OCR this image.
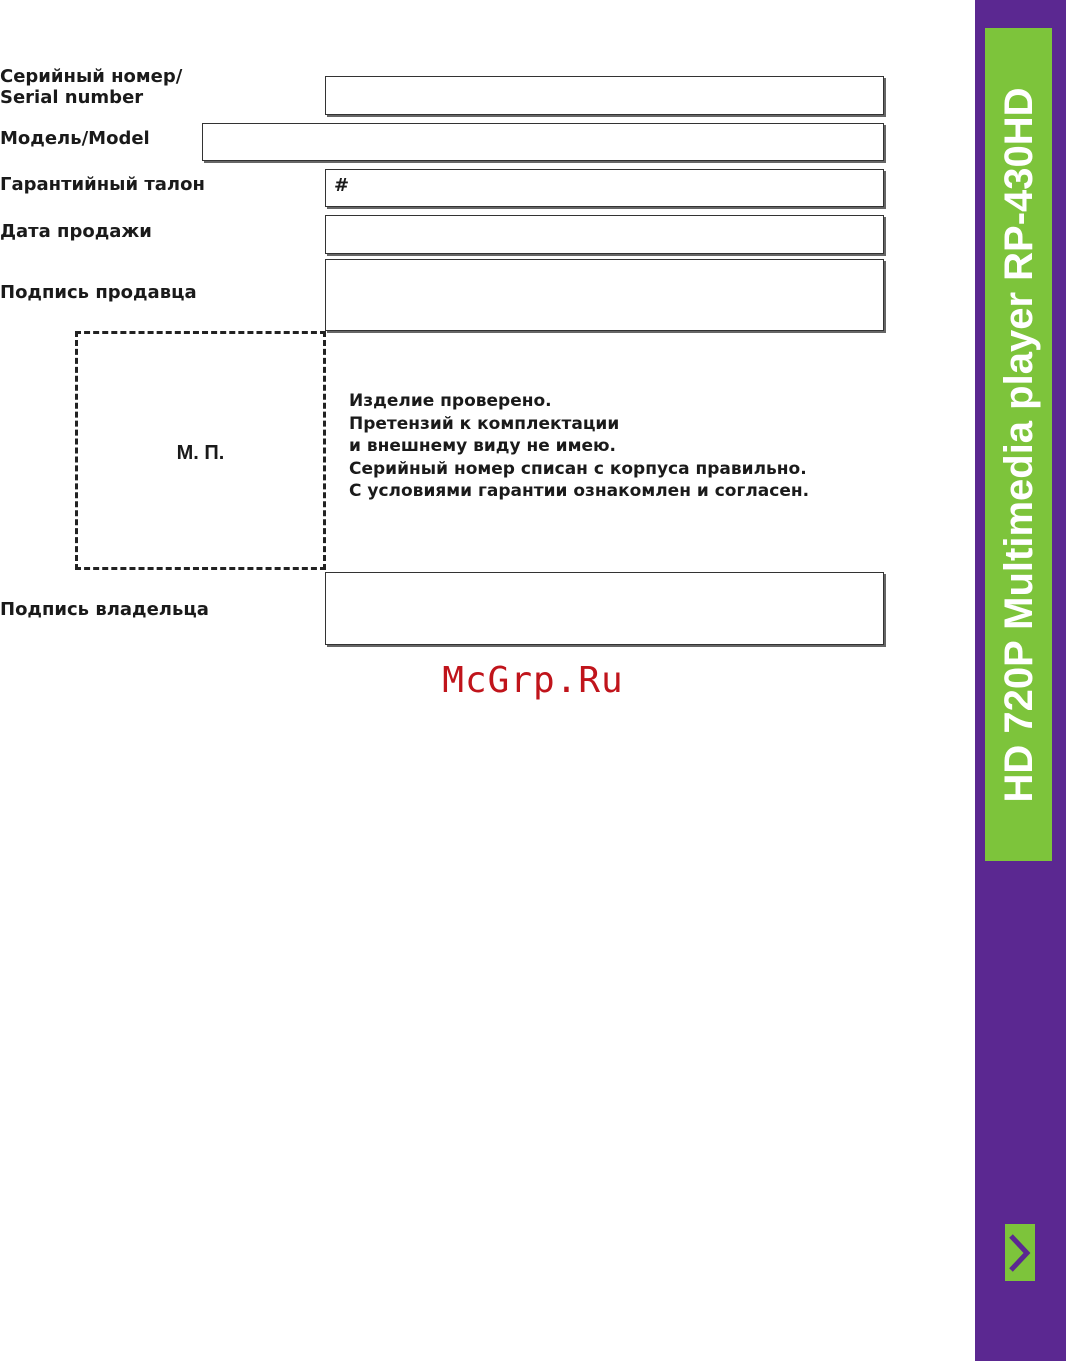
Серийный номер/
Serial number
Модель/Model
Гарантийный талон	#
Дата продажи
Подпись продавца
М. П.
Изделие проверено.
Претензий к комплектации
и внешнему виду не имею.
Серийный номер списан с корпуса правильно.
С условиями гарантии ознакомлен и согласен.
Подпись владельца
McGrp.Ru	HD 720P Multimedia player RP-430HD
